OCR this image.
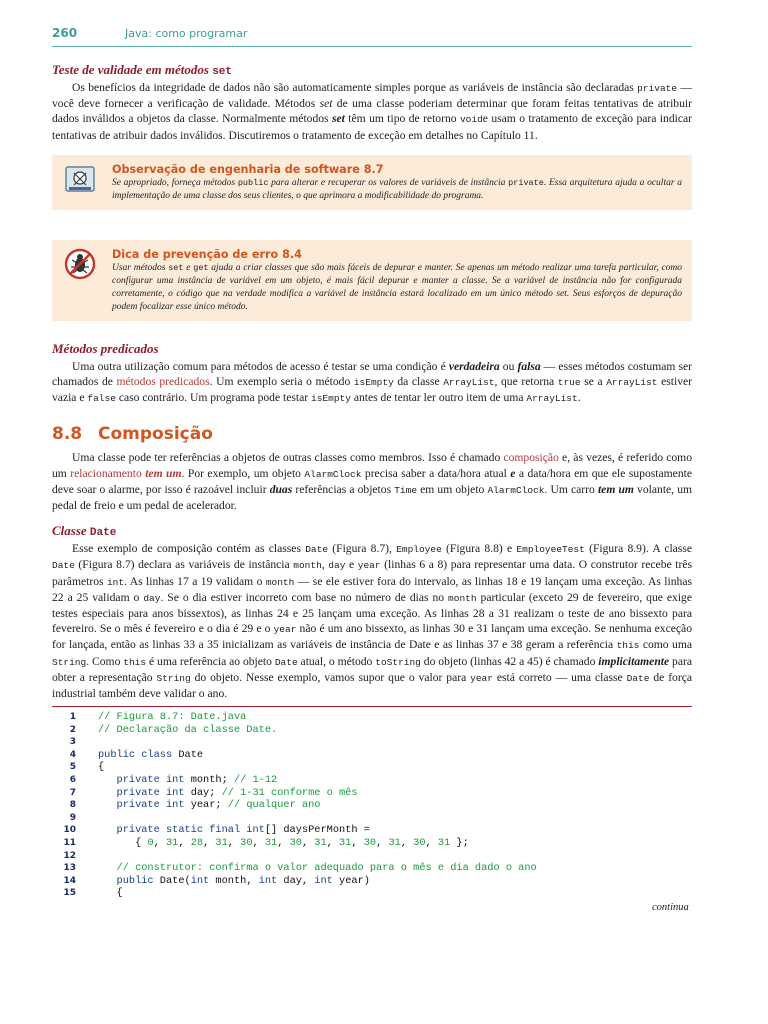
260	Java: como programar
Teste de validade em métodos set

Os benefícios da integridade de dados não são automaticamente simples porque as variáveis de instância são declaradas private — você deve fornecer a verificação de validade. Métodos set de uma classe poderiam determinar que foram feitas tentativas de atribuir dados inválidos a objetos da classe. Normalmente métodos set têm um tipo de retorno voide usam o tratamento de exceção para indicar tentativas de atribuir dados inválidos. Discutiremos o tratamento de exceção em detalhes no Capítulo 11.

Observação de engenharia de software 8.7
Se apropriado, forneça métodos public para alterar e recuperar os valores de variáveis de instância private. Essa arquitetura ajuda a ocultar a implementação de uma classe dos seus clientes, o que aprimora a modificabilidade do programa.
Dica de prevenção de erro 8.4
Usar métodos set e get ajuda a criar classes que são mais fáceis de depurar e manter. Se apenas um método realizar uma tarefa particular, como configurar uma instância de variável em um objeto, é mais fácil depurar e manter a classe. Se a variável de instância não for configurada corretamente, o código que na verdade modifica a variável de instância estará localizado em um único método set. Seus esforços de depuração podem focalizar esse único método.
Métodos predicados

Uma outra utilização comum para métodos de acesso é testar se uma condição é verdadeira ou falsa — esses métodos costumam ser chamados de métodos predicados. Um exemplo seria o método isEmpty da classe ArrayList, que retorna true se a ArrayList estiver vazia e false caso contrário. Um programa pode testar isEmpty antes de tentar ler outro item de uma ArrayList.

8.8 Composição

Uma classe pode ter referências a objetos de outras classes como membros. Isso é chamado composição e, às vezes, é referido como um relacionamento tem um. Por exemplo, um objeto AlarmClock precisa saber a data/hora atual e a data/hora em que ele supostamente deve soar o alarme, por isso é razoável incluir duas referências a objetos Time em um objeto AlarmClock. Um carro tem um volante, um pedal de freio e um pedal de acelerador.

Classe Date

Esse exemplo de composição contém as classes Date (Figura 8.7), Employee (Figura 8.8) e EmployeeTest (Figura 8.9). A classe Date (Figura 8.7) declara as variáveis de instância month, day e year (linhas 6 a 8) para representar uma data. O construtor recebe três parâmetros int. As linhas 17 a 19 validam o month — se ele estiver fora do intervalo, as linhas 18 e 19 lançam uma exceção. As linhas 22 a 25 validam o day. Se o dia estiver incorreto com base no número de dias no month particular (exceto 29 de fevereiro, que exige testes especiais para anos bissextos), as linhas 24 e 25 lançam uma exceção. As linhas 28 a 31 realizam o teste de ano bissexto para fevereiro. Se o mês é fevereiro e o dia é 29 e o year não é um ano bissexto, as linhas 30 e 31 lançam uma exceção. Se nenhuma exceção for lançada, então as linhas 33 a 35 inicializam as variáveis de instância de Date e as linhas 37 e 38 geram a referência this como uma String. Como this é uma referência ao objeto Date atual, o método toString do objeto (linhas 42 a 45) é chamado implicitamente para obter a representação String do objeto. Nesse exemplo, vamos supor que o valor para year está correto — uma classe Date de força industrial também deve validar o ano.

1 // Figura 8.7: Date.java
2 // Declaração da classe Date.
3
4 public class Date
5 {
6 private int month; // 1-12
7 private int day; // 1-31 conforme o mês
8 private int year; // qualquer ano
9
10 private static final int[] daysPerMonth =
11 { 0, 31, 28, 31, 30, 31, 30, 31, 31, 30, 31, 30, 31 };
12
13 // construtor: confirma o valor adequado para o mês e dia dado o ano
14 public Date(int month, int day, int year)
15 {
continua
